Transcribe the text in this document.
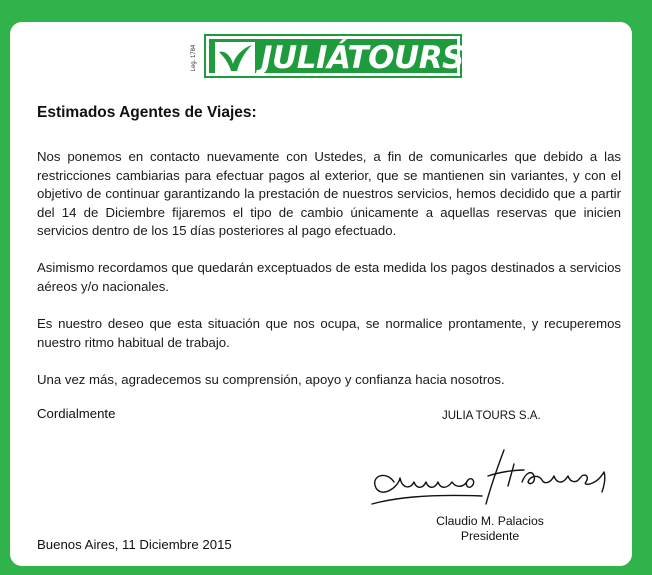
Leg. 1784 JULIÁTOURS

Estimados Agentes de Viajes:

Nos ponemos en contacto nuevamente con Ustedes, a fin de comunicarles que debido a las restricciones cambiarias para efectuar pagos al exterior, que se mantienen sin variantes, y con el objetivo de continuar garantizando la prestación de nuestros servicios, hemos decidido que a partir del 14 de Diciembre fijaremos el tipo de cambio únicamente a aquellas reservas que inicien servicios dentro de los 15 días posteriores al pago efectuado.

Asimismo recordamos que quedarán exceptuados de esta medida los pagos destinados a servicios aéreos y/o nacionales.

Es nuestro deseo que esta situación que nos ocupa, se normalice prontamente, y recuperemos nuestro ritmo habitual de trabajo.

Una vez más, agradecemos su comprensión, apoyo y confianza hacia nosotros.

Cordialmente	JULIA TOURS S.A.

Claudio M. Palacios
Presidente

Buenos Aires, 11 Diciembre 2015
